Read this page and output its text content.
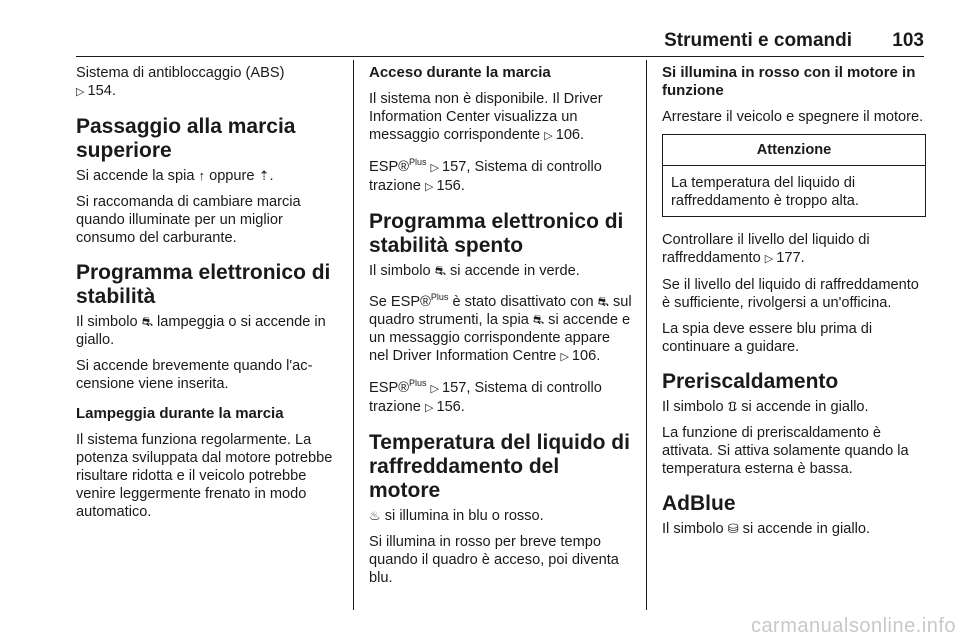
Strumenti e comandi 103

Sistema di antibloccaggio (ABS)
▷ 154.

Passaggio alla marcia superiore

Si accende la spia ↑ oppure ⇡.

Si raccomanda di cambiare marcia quando illuminate per un miglior consumo del carburante.

Programma elettronico di stabilità

Il simbolo ⛐ lampeggia o si accende in giallo.

Si accende brevemente quando l'accensione viene inserita.

Lampeggia durante la marcia

Il sistema funziona regolarmente. La potenza sviluppata dal motore potrebbe risultare ridotta e il veicolo potrebbe venire leggermente frenato in modo automatico.

Acceso durante la marcia

Il sistema non è disponibile. Il Driver Information Center visualizza un messaggio corrispondente ▷ 106.

ESP®$^{Plus}$ ▷ 157, Sistema di controllo trazione ▷ 156.

Programma elettronico di stabilità spento

Il simbolo ⛐ si accende in verde.

Se ESP®$^{Plus}$ è stato disattivato con ⛐ sul quadro strumenti, la spia ⛐ si accende e un messaggio corrispondente appare nel Driver Information Centre ▷ 106.

ESP®$^{Plus}$ ▷ 157, Sistema di controllo trazione ▷ 156.

Temperatura del liquido di raffreddamento del motore

♨ si illumina in blu o rosso.

Si illumina in rosso per breve tempo quando il quadro è acceso, poi diventa blu.

Si illumina in rosso con il motore in funzione

Arrestare il veicolo e spegnere il motore.

Attenzione
La temperatura del liquido di raffreddamento è troppo alta.

Controllare il livello del liquido di raffreddamento ▷ 177.

Se il livello del liquido di raffreddamento è sufficiente, rivolgersi a un'officina.

La spia deve essere blu prima di continuare a guidare.

Preriscaldamento

Il simbolo ᱯ si accende in giallo.

La funzione di preriscaldamento è attivata. Si attiva solamente quando la temperatura esterna è bassa.

AdBlue

Il simbolo ⛁ si accende in giallo.

carmanualsonline.info
